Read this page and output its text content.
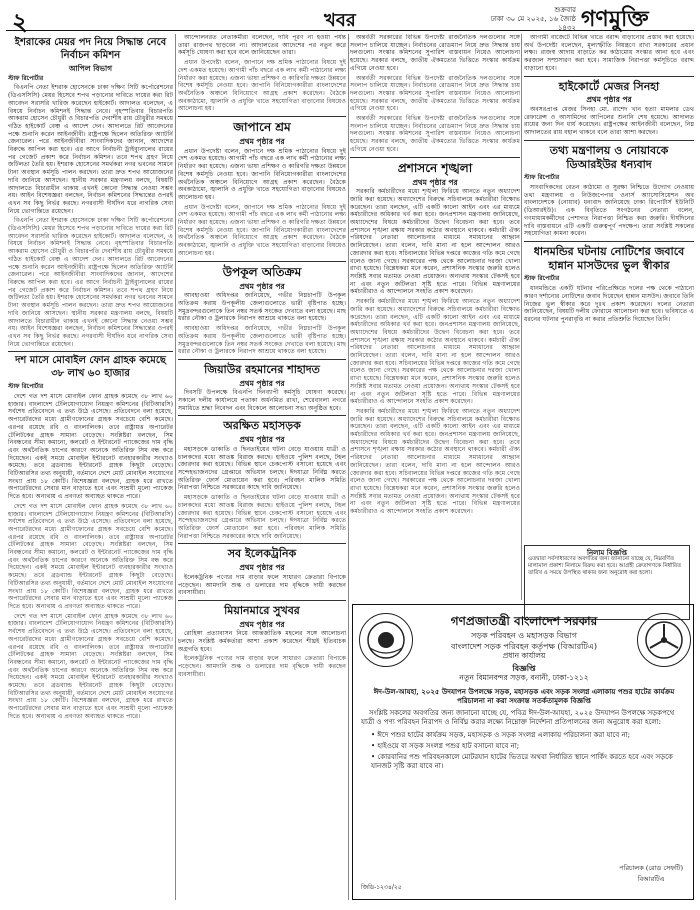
২	খবর	শুক্রবার
ঢাকা ৩০ মে ২০২৫, ১৬ জ্যৈষ্ঠ ১৪৩২ গণমুক্তি
ইশরাকের মেয়র পদ নিয়ে সিদ্ধান্ত নেবে নির্বাচন কমিশন
আপিল বিভাগ
স্টাফ রিপোর্টার
বিএনপি নেতা ইশরাক হোসেনকে ঢাকা দক্ষিণ সিটি কর্পোরেশনের (ডিএসসিসি) মেয়র হিসেবে শপথ পড়ানোর দাবিতে দায়ের করা রিট আবেদন সরাসরি খারিজ করেছেন হাইকোর্ট। আদালত বলেছেন, এ বিষয়ে নির্বাচন কমিশনই সিদ্ধান্ত নেবে। বৃহস্পতিবার বিচারপতি আকরাম হোসেন চৌধুরী ও বিচারপতি দেবাশীষ রায় চৌধুরীর সমন্বয়ে গঠিত হাইকোর্ট বেঞ্চ এ আদেশ দেন। আদালতে রিট আবেদনের পক্ষে শুনানি করেন আইনজীবী। রাষ্ট্রপক্ষে ছিলেন অতিরিক্ত অ্যাটর্নি জেনারেল। পরে আইনজীবীরা সাংবাদিকদের জানান, আদেশের বিরুদ্ধে আপিল করা হবে। এর আগে নির্বাচনী ট্রাইব্যুনালের রায়ের পর গেজেট প্রকাশ করে নির্বাচন কমিশন। তবে শপথ গ্রহণ নিয়ে জটিলতা তৈরি হয়। ইশরাক হোসেনের সমর্থকরা নগর ভবনের সামনে টানা অবস্থান কর্মসূচি পালন করছেন। তারা দ্রুত শপথ আয়োজনের দাবি জানিয়ে আসছেন। স্থানীয় সরকার মন্ত্রণালয় বলছে, বিষয়টি আদালতে বিচারাধীন থাকায় এখনই কোনো সিদ্ধান্ত নেওয়া সম্ভব নয়। আইন বিশেষজ্ঞরা বলছেন, নির্বাচন কমিশনের সিদ্ধান্তের ওপরই এখন সব কিছু নির্ভর করছে। নগরবাসী দীর্ঘদিন ধরে নাগরিক সেবা নিয়ে ভোগান্তিতে রয়েছেন।
বিএনপি নেতা ইশরাক হোসেনকে ঢাকা দক্ষিণ সিটি কর্পোরেশনের (ডিএসসিসি) মেয়র হিসেবে শপথ পড়ানোর দাবিতে দায়ের করা রিট আবেদন সরাসরি খারিজ করেছেন হাইকোর্ট। আদালত বলেছেন, এ বিষয়ে নির্বাচন কমিশনই সিদ্ধান্ত নেবে। বৃহস্পতিবার বিচারপতি আকরাম হোসেন চৌধুরী ও বিচারপতি দেবাশীষ রায় চৌধুরীর সমন্বয়ে গঠিত হাইকোর্ট বেঞ্চ এ আদেশ দেন। আদালতে রিট আবেদনের পক্ষে শুনানি করেন আইনজীবী। রাষ্ট্রপক্ষে ছিলেন অতিরিক্ত অ্যাটর্নি জেনারেল। পরে আইনজীবীরা সাংবাদিকদের জানান, আদেশের বিরুদ্ধে আপিল করা হবে। এর আগে নির্বাচনী ট্রাইব্যুনালের রায়ের পর গেজেট প্রকাশ করে নির্বাচন কমিশন। তবে শপথ গ্রহণ নিয়ে জটিলতা তৈরি হয়। ইশরাক হোসেনের সমর্থকরা নগর ভবনের সামনে টানা অবস্থান কর্মসূচি পালন করছেন। তারা দ্রুত শপথ আয়োজনের দাবি জানিয়ে আসছেন। স্থানীয় সরকার মন্ত্রণালয় বলছে, বিষয়টি আদালতে বিচারাধীন থাকায় এখনই কোনো সিদ্ধান্ত নেওয়া সম্ভব নয়। আইন বিশেষজ্ঞরা বলছেন, নির্বাচন কমিশনের সিদ্ধান্তের ওপরই এখন সব কিছু নির্ভর করছে। নগরবাসী দীর্ঘদিন ধরে নাগরিক সেবা নিয়ে ভোগান্তিতে রয়েছেন।
দশ মাসে মোবাইল ফোন গ্রাহক কমেছে ৩৮ লাখ ৬০ হাজার
স্টাফ রিপোর্টার
দেশে গত দশ মাসে মোবাইল ফোন গ্রাহক কমেছে ৩৮ লাখ ৬০ হাজার। বাংলাদেশ টেলিযোগাযোগ নিয়ন্ত্রণ কমিশনের (বিটিআরসি) সর্বশেষ প্রতিবেদনে এ তথ্য উঠে এসেছে। প্রতিবেদনে বলা হয়েছে, অপারেটরদের মধ্যে গ্রামীণফোনের গ্রাহক সবচেয়ে বেশি কমেছে। এরপর রয়েছে রবি ও বাংলালিংক। তবে রাষ্ট্রায়ত্ত অপারেটর টেলিটকের গ্রাহক সামান্য বেড়েছে। সংশ্লিষ্টরা বলছেন, সিম নিবন্ধনের সীমা কমানো, কলরেট ও ইন্টারনেট প্যাকেজের দাম বৃদ্ধি এবং অর্থনৈতিক চাপের কারণে অনেকে অতিরিক্ত সিম বন্ধ করে দিয়েছেন। একই সময়ে মোবাইল ইন্টারনেট ব্যবহারকারীর সংখ্যাও কমেছে। তবে ব্রডব্যান্ড ইন্টারনেট গ্রাহক কিছুটা বেড়েছে। বিটিআরসির তথ্য অনুযায়ী, বর্তমানে দেশে মোট মোবাইল সংযোগের সংখ্যা প্রায় ১৮ কোটি। বিশেষজ্ঞরা বলছেন, গ্রাহক ধরে রাখতে অপারেটরদের সেবার মান বাড়াতে হবে এবং সাশ্রয়ী মূল্যে প্যাকেজ দিতে হবে। অন্যথায় এ প্রবণতা অব্যাহত থাকতে পারে।
দেশে গত দশ মাসে মোবাইল ফোন গ্রাহক কমেছে ৩৮ লাখ ৬০ হাজার। বাংলাদেশ টেলিযোগাযোগ নিয়ন্ত্রণ কমিশনের (বিটিআরসি) সর্বশেষ প্রতিবেদনে এ তথ্য উঠে এসেছে। প্রতিবেদনে বলা হয়েছে, অপারেটরদের মধ্যে গ্রামীণফোনের গ্রাহক সবচেয়ে বেশি কমেছে। এরপর রয়েছে রবি ও বাংলালিংক। তবে রাষ্ট্রায়ত্ত অপারেটর টেলিটকের গ্রাহক সামান্য বেড়েছে। সংশ্লিষ্টরা বলছেন, সিম নিবন্ধনের সীমা কমানো, কলরেট ও ইন্টারনেট প্যাকেজের দাম বৃদ্ধি এবং অর্থনৈতিক চাপের কারণে অনেকে অতিরিক্ত সিম বন্ধ করে দিয়েছেন। একই সময়ে মোবাইল ইন্টারনেট ব্যবহারকারীর সংখ্যাও কমেছে। তবে ব্রডব্যান্ড ইন্টারনেট গ্রাহক কিছুটা বেড়েছে। বিটিআরসির তথ্য অনুযায়ী, বর্তমানে দেশে মোট মোবাইল সংযোগের সংখ্যা প্রায় ১৮ কোটি। বিশেষজ্ঞরা বলছেন, গ্রাহক ধরে রাখতে অপারেটরদের সেবার মান বাড়াতে হবে এবং সাশ্রয়ী মূল্যে প্যাকেজ দিতে হবে। অন্যথায় এ প্রবণতা অব্যাহত থাকতে পারে।
দেশে গত দশ মাসে মোবাইল ফোন গ্রাহক কমেছে ৩৮ লাখ ৬০ হাজার। বাংলাদেশ টেলিযোগাযোগ নিয়ন্ত্রণ কমিশনের (বিটিআরসি) সর্বশেষ প্রতিবেদনে এ তথ্য উঠে এসেছে। প্রতিবেদনে বলা হয়েছে, অপারেটরদের মধ্যে গ্রামীণফোনের গ্রাহক সবচেয়ে বেশি কমেছে। এরপর রয়েছে রবি ও বাংলালিংক। তবে রাষ্ট্রায়ত্ত অপারেটর টেলিটকের গ্রাহক সামান্য বেড়েছে। সংশ্লিষ্টরা বলছেন, সিম নিবন্ধনের সীমা কমানো, কলরেট ও ইন্টারনেট প্যাকেজের দাম বৃদ্ধি এবং অর্থনৈতিক চাপের কারণে অনেকে অতিরিক্ত সিম বন্ধ করে দিয়েছেন। একই সময়ে মোবাইল ইন্টারনেট ব্যবহারকারীর সংখ্যাও কমেছে। তবে ব্রডব্যান্ড ইন্টারনেট গ্রাহক কিছুটা বেড়েছে। বিটিআরসির তথ্য অনুযায়ী, বর্তমানে দেশে মোট মোবাইল সংযোগের সংখ্যা প্রায় ১৮ কোটি। বিশেষজ্ঞরা বলছেন, গ্রাহক ধরে রাখতে অপারেটরদের সেবার মান বাড়াতে হবে এবং সাশ্রয়ী মূল্যে প্যাকেজ দিতে হবে। অন্যথায় এ প্রবণতা অব্যাহত থাকতে পারে।
আন্দোলনরত নেতাকর্মীরা বলেছেন, দাবি পূরণ না হওয়া পর্যন্ত তারা রাজপথ ছাড়বেন না। আদালতের আদেশের পর নতুন করে কর্মসূচি ঘোষণা করা হবে বলে জানিয়েছেন তারা।
প্রধান উপদেষ্টা বলেন, জাপানে দক্ষ শ্রমিক পাঠানোর বিষয়ে দুই দেশ একমত হয়েছে। আগামী পাঁচ বছরে এক লাখ কর্মী পাঠানোর লক্ষ্য নির্ধারণ করা হয়েছে। এজন্য ভাষা প্রশিক্ষণ ও কারিগরি দক্ষতা উন্নয়নে বিশেষ কর্মসূচি নেওয়া হবে। জাপানি বিনিয়োগকারীরা বাংলাদেশের অর্থনৈতিক অঞ্চলে বিনিয়োগে আগ্রহ প্রকাশ করেছেন। বৈঠকে অবকাঠামো, জ্বালানি ও প্রযুক্তি খাতে সহযোগিতা বাড়ানোর বিষয়েও আলোচনা হয়।
জাপানে শ্রম
প্রথম পৃষ্ঠার পর
প্রধান উপদেষ্টা বলেন, জাপানে দক্ষ শ্রমিক পাঠানোর বিষয়ে দুই দেশ একমত হয়েছে। আগামী পাঁচ বছরে এক লাখ কর্মী পাঠানোর লক্ষ্য নির্ধারণ করা হয়েছে। এজন্য ভাষা প্রশিক্ষণ ও কারিগরি দক্ষতা উন্নয়নে বিশেষ কর্মসূচি নেওয়া হবে। জাপানি বিনিয়োগকারীরা বাংলাদেশের অর্থনৈতিক অঞ্চলে বিনিয়োগে আগ্রহ প্রকাশ করেছেন। বৈঠকে অবকাঠামো, জ্বালানি ও প্রযুক্তি খাতে সহযোগিতা বাড়ানোর বিষয়েও আলোচনা হয়।
প্রধান উপদেষ্টা বলেন, জাপানে দক্ষ শ্রমিক পাঠানোর বিষয়ে দুই দেশ একমত হয়েছে। আগামী পাঁচ বছরে এক লাখ কর্মী পাঠানোর লক্ষ্য নির্ধারণ করা হয়েছে। এজন্য ভাষা প্রশিক্ষণ ও কারিগরি দক্ষতা উন্নয়নে বিশেষ কর্মসূচি নেওয়া হবে। জাপানি বিনিয়োগকারীরা বাংলাদেশের অর্থনৈতিক অঞ্চলে বিনিয়োগে আগ্রহ প্রকাশ করেছেন। বৈঠকে অবকাঠামো, জ্বালানি ও প্রযুক্তি খাতে সহযোগিতা বাড়ানোর বিষয়েও আলোচনা হয়।
উপকূল অতিক্রম
প্রথম পৃষ্ঠার পর
আবহাওয়া অধিদপ্তর জানিয়েছে, গভীর নিম্নচাপটি উপকূল অতিক্রম করায় উপকূলীয় জেলাগুলোতে ভারী বৃষ্টিপাত হচ্ছে। সমুদ্রবন্দরগুলোকে তিন নম্বর সতর্ক সংকেত দেখাতে বলা হয়েছে। মাছ ধরার নৌকা ও ট্রলারকে নিরাপদ আশ্রয়ে থাকতে বলা হয়েছে।
আবহাওয়া অধিদপ্তর জানিয়েছে, গভীর নিম্নচাপটি উপকূল অতিক্রম করায় উপকূলীয় জেলাগুলোতে ভারী বৃষ্টিপাত হচ্ছে। সমুদ্রবন্দরগুলোকে তিন নম্বর সতর্ক সংকেত দেখাতে বলা হয়েছে। মাছ ধরার নৌকা ও ট্রলারকে নিরাপদ আশ্রয়ে থাকতে বলা হয়েছে।
জিয়াউর রহমানের শাহাদত
প্রথম পৃষ্ঠার পর
দিবসটি উপলক্ষে বিএনপি দিনব্যাপী কর্মসূচি ঘোষণা করেছে। সকালে দলীয় কার্যালয়ে পতাকা অর্ধনমিত রাখা, শেরেবাংলা নগরে সমাধিতে শ্রদ্ধা নিবেদন এবং বিকেলে আলোচনা সভা অনুষ্ঠিত হবে।
অরক্ষিত মহাসড়ক
প্রথম পৃষ্ঠার পর
মহাসড়কে ডাকাতি ও ছিনতাইয়ের ঘটনা বেড়ে যাওয়ায় যাত্রী ও চালকদের মধ্যে আতঙ্ক বিরাজ করছে। হাইওয়ে পুলিশ বলছে, টহল জোরদার করা হয়েছে। বিভিন্ন স্থানে চেকপোস্ট বসানো হয়েছে এবং সন্দেহভাজনদের গ্রেপ্তারে অভিযান চলছে। ঈদযাত্রা নির্বিঘ্ন করতে অতিরিক্ত ফোর্স মোতায়েন করা হবে। পরিবহন মালিক সমিতি নিরাপত্তা নিশ্চিতে সরকারের কাছে দাবি জানিয়েছে।
মহাসড়কে ডাকাতি ও ছিনতাইয়ের ঘটনা বেড়ে যাওয়ায় যাত্রী ও চালকদের মধ্যে আতঙ্ক বিরাজ করছে। হাইওয়ে পুলিশ বলছে, টহল জোরদার করা হয়েছে। বিভিন্ন স্থানে চেকপোস্ট বসানো হয়েছে এবং সন্দেহভাজনদের গ্রেপ্তারে অভিযান চলছে। ঈদযাত্রা নির্বিঘ্ন করতে অতিরিক্ত ফোর্স মোতায়েন করা হবে। পরিবহন মালিক সমিতি নিরাপত্তা নিশ্চিতে সরকারের কাছে দাবি জানিয়েছে।
সব ইলেকট্রনিক
প্রথম পৃষ্ঠার পর
ইলেকট্রনিক পণ্যের দাম বাড়ার ফলে সাধারণ ক্রেতারা বিপাকে পড়েছেন। আমদানি শুল্ক ও ডলারের দাম বৃদ্ধিকে দায়ী করছেন ব্যবসায়ীরা।
মিয়ানমারে সুখবর
প্রথম পৃষ্ঠার পর
রোহিঙ্গা প্রত্যাবাসন নিয়ে আন্তর্জাতিক মহলের সঙ্গে আলোচনা চলছে। সংশ্লিষ্ট কর্মকর্তারা আশা প্রকাশ করেছেন শীঘ্রই ইতিবাচক অগ্রগতি হবে।
ইলেকট্রনিক পণ্যের দাম বাড়ার ফলে সাধারণ ক্রেতারা বিপাকে পড়েছেন। আমদানি শুল্ক ও ডলারের দাম বৃদ্ধিকে দায়ী করছেন ব্যবসায়ীরা।
অন্তর্বর্তী সরকারের বিভিন্ন উপদেষ্টা রাজনৈতিক দলগুলোর সঙ্গে সংলাপ চালিয়ে যাচ্ছেন। নির্বাচনের রোডম্যাপ নিয়ে দ্রুত সিদ্ধান্ত চায় দলগুলো। সংস্কার কমিশনের সুপারিশ বাস্তবায়ন নিয়েও আলোচনা হয়েছে। সরকার বলছে, জাতীয় ঐকমত্যের ভিত্তিতে সংস্কার কার্যক্রম এগিয়ে নেওয়া হবে।
অন্তর্বর্তী সরকারের বিভিন্ন উপদেষ্টা রাজনৈতিক দলগুলোর সঙ্গে সংলাপ চালিয়ে যাচ্ছেন। নির্বাচনের রোডম্যাপ নিয়ে দ্রুত সিদ্ধান্ত চায় দলগুলো। সংস্কার কমিশনের সুপারিশ বাস্তবায়ন নিয়েও আলোচনা হয়েছে। সরকার বলছে, জাতীয় ঐকমত্যের ভিত্তিতে সংস্কার কার্যক্রম এগিয়ে নেওয়া হবে।
অন্তর্বর্তী সরকারের বিভিন্ন উপদেষ্টা রাজনৈতিক দলগুলোর সঙ্গে সংলাপ চালিয়ে যাচ্ছেন। নির্বাচনের রোডম্যাপ নিয়ে দ্রুত সিদ্ধান্ত চায় দলগুলো। সংস্কার কমিশনের সুপারিশ বাস্তবায়ন নিয়েও আলোচনা হয়েছে। সরকার বলছে, জাতীয় ঐকমত্যের ভিত্তিতে সংস্কার কার্যক্রম এগিয়ে নেওয়া হবে।
প্রশাসনে শৃঙ্খলা
প্রথম পৃষ্ঠার পর
সরকারি কর্মচারীদের মধ্যে শৃঙ্খলা ফিরিয়ে আনতে নতুন অধ্যাদেশ জারি করা হয়েছে। অধ্যাদেশের বিরুদ্ধে সচিবালয়ে কর্মচারীরা বিক্ষোভ করেছেন। তারা বলছেন, এটি একটি কালো আইন এবং এর মাধ্যমে কর্মচারীদের অধিকার খর্ব করা হবে। জনপ্রশাসন মন্ত্রণালয় জানিয়েছে, অধ্যাদেশের বিষয়ে কর্মচারীদের উদ্বেগ বিবেচনা করা হবে। তবে প্রশাসনে শৃঙ্খলা রক্ষায় সরকার কঠোর অবস্থানে থাকবে। কর্মচারী ঐক্য পরিষদের নেতারা আলোচনার মাধ্যমে সমাধানের আহ্বান জানিয়েছেন। তারা বলেন, দাবি মানা না হলে আন্দোলন আরও জোরদার করা হবে। সচিবালয়ের বিভিন্ন দপ্তরে কাজের গতি কমে গেছে বলেও জানা গেছে। সরকারের পক্ষ থেকে আলোচনার দরজা খোলা রাখা হয়েছে। বিশ্লেষকরা মনে করেন, প্রশাসনিক সংস্কার জরুরি হলেও সংশ্লিষ্ট সবার মতামত নেওয়া প্রয়োজন। অন্যথায় সংস্কার টেকসই হবে না এবং নতুন জটিলতা সৃষ্টি হতে পারে। বিভিন্ন মন্ত্রণালয়ের কর্মচারীরাও এ আন্দোলনে সংহতি প্রকাশ করেছেন।
সরকারি কর্মচারীদের মধ্যে শৃঙ্খলা ফিরিয়ে আনতে নতুন অধ্যাদেশ জারি করা হয়েছে। অধ্যাদেশের বিরুদ্ধে সচিবালয়ে কর্মচারীরা বিক্ষোভ করেছেন। তারা বলছেন, এটি একটি কালো আইন এবং এর মাধ্যমে কর্মচারীদের অধিকার খর্ব করা হবে। জনপ্রশাসন মন্ত্রণালয় জানিয়েছে, অধ্যাদেশের বিষয়ে কর্মচারীদের উদ্বেগ বিবেচনা করা হবে। তবে প্রশাসনে শৃঙ্খলা রক্ষায় সরকার কঠোর অবস্থানে থাকবে। কর্মচারী ঐক্য পরিষদের নেতারা আলোচনার মাধ্যমে সমাধানের আহ্বান জানিয়েছেন। তারা বলেন, দাবি মানা না হলে আন্দোলন আরও জোরদার করা হবে। সচিবালয়ের বিভিন্ন দপ্তরে কাজের গতি কমে গেছে বলেও জানা গেছে। সরকারের পক্ষ থেকে আলোচনার দরজা খোলা রাখা হয়েছে। বিশ্লেষকরা মনে করেন, প্রশাসনিক সংস্কার জরুরি হলেও সংশ্লিষ্ট সবার মতামত নেওয়া প্রয়োজন। অন্যথায় সংস্কার টেকসই হবে না এবং নতুন জটিলতা সৃষ্টি হতে পারে। বিভিন্ন মন্ত্রণালয়ের কর্মচারীরাও এ আন্দোলনে সংহতি প্রকাশ করেছেন।
সরকারি কর্মচারীদের মধ্যে শৃঙ্খলা ফিরিয়ে আনতে নতুন অধ্যাদেশ জারি করা হয়েছে। অধ্যাদেশের বিরুদ্ধে সচিবালয়ে কর্মচারীরা বিক্ষোভ করেছেন। তারা বলছেন, এটি একটি কালো আইন এবং এর মাধ্যমে কর্মচারীদের অধিকার খর্ব করা হবে। জনপ্রশাসন মন্ত্রণালয় জানিয়েছে, অধ্যাদেশের বিষয়ে কর্মচারীদের উদ্বেগ বিবেচনা করা হবে। তবে প্রশাসনে শৃঙ্খলা রক্ষায় সরকার কঠোর অবস্থানে থাকবে। কর্মচারী ঐক্য পরিষদের নেতারা আলোচনার মাধ্যমে সমাধানের আহ্বান জানিয়েছেন। তারা বলেন, দাবি মানা না হলে আন্দোলন আরও জোরদার করা হবে। সচিবালয়ের বিভিন্ন দপ্তরে কাজের গতি কমে গেছে বলেও জানা গেছে। সরকারের পক্ষ থেকে আলোচনার দরজা খোলা রাখা হয়েছে। বিশ্লেষকরা মনে করেন, প্রশাসনিক সংস্কার জরুরি হলেও সংশ্লিষ্ট সবার মতামত নেওয়া প্রয়োজন। অন্যথায় সংস্কার টেকসই হবে না এবং নতুন জটিলতা সৃষ্টি হতে পারে। বিভিন্ন মন্ত্রণালয়ের কর্মচারীরাও এ আন্দোলনে সংহতি প্রকাশ করেছেন।
আগামী বাজেটে বিভিন্ন খাতে বরাদ্দ বাড়ানোর প্রস্তাব করা হয়েছে। অর্থ উপদেষ্টা বলেছেন, মূল্যস্ফীতি নিয়ন্ত্রণে রাখা সরকারের প্রধান লক্ষ্য। রাজস্ব আদায় বাড়াতে কর কাঠামোয় সংস্কার আনা হবে এবং করজাল সম্প্রসারণ করা হবে। সামাজিক নিরাপত্তা কর্মসূচিতে বরাদ্দ বাড়ানো হবে।
হাইকোর্টে মেজর সিনহা
প্রথম পৃষ্ঠার পর
অবসরপ্রাপ্ত মেজর সিনহা মো. রাশেদ খান হত্যা মামলার ডেথ রেফারেন্স ও আসামিদের আপিলের শুনানি শেষ হয়েছে। আদালত রায়ের জন্য দিন ধার্য করেছেন। রাষ্ট্রপক্ষের আইনজীবী বলেছেন, নিম্ন আদালতের রায় বহাল থাকবে বলে তারা আশা করছেন।
তথ্য মন্ত্রণালয় ও নোয়াবকে ডিআরইউর ধন্যবাদ
স্টাফ রিপোর্টার
সাংবাদিকদের বেতন কাঠামো ও সুরক্ষা নিশ্চিতে উদ্যোগ নেওয়ায় তথ্য মন্ত্রণালয় ও নিউজপেপার ওনার্স অ্যাসোসিয়েশন অব বাংলাদেশকে (নোয়াব) ধন্যবাদ জানিয়েছে ঢাকা রিপোর্টার্স ইউনিটি (ডিআরইউ)। এক বিবৃতিতে সংগঠনের নেতারা বলেন, গণমাধ্যমকর্মীদের পেশাগত নিরাপত্তা নিশ্চিত করা জরুরি। দীর্ঘদিনের দাবি বাস্তবায়নে এটি একটি গুরুত্বপূর্ণ পদক্ষেপ। তারা সংশ্লিষ্ট সকলের সহযোগিতা কামনা করেন।
ধানমন্ডির ঘটনায় নোটিশের জবাবে হান্নান মাসউদের ভুল স্বীকার
স্টাফ রিপোর্টার
ধানমন্ডিতে একটি ঘটনার পরিপ্রেক্ষিতে দলের পক্ষ থেকে পাঠানো কারণ দর্শানোর নোটিশের জবাব দিয়েছেন হান্নান মাসউদ। জবাবে তিনি নিজের ভুল স্বীকার করে দুঃখ প্রকাশ করেছেন। দলের নেতারা জানিয়েছেন, বিষয়টি দলীয় ফোরামে আলোচনা করা হবে। ভবিষ্যতে এ ধরনের ঘটনার পুনরাবৃত্তি না করার প্রতিশ্রুতি দিয়েছেন তিনি।
নিলাম বিজ্ঞপ্তি
এতদ্বারা সর্বসাধারণের অবগতির জন্য জানানো যাচ্ছে যে, নিম্নবর্ণিত মালামাল প্রকাশ্য নিলামে বিক্রয় করা হবে। আগ্রহী ক্রেতাগণকে নির্ধারিত তারিখ ও সময়ে উপস্থিত থাকার জন্য অনুরোধ করা হলো।
গণপ্রজাতন্ত্রী বাংলাদেশ সরকার
সড়ক পরিবহন ও মহাসড়ক বিভাগ
বাংলাদেশ সড়ক পরিবহন কর্তৃপক্ষ (বিআরটিএ)
প্রধান কার্যালয়
বিজ্ঞপ্তি
নতুন বিমানবন্দর সড়ক, বনানী, ঢাকা-১২১২
ঈদ-উল-আযহা, ২০২৫ উদযাপন উপলক্ষে সড়ক, মহাসড়ক এবং সড়ক সংলগ্ন এলাকায় পশুর হাটের কার্যক্রম পরিচালনা না করা সংক্রান্ত সতর্কতামূলক বিজ্ঞপ্তি
সংশ্লিষ্ট সকলের অবগতির জন্য জানানো যাচ্ছে যে, পবিত্র ঈদ-উল-আযহা, ২০২৫ উদযাপন উপলক্ষে সড়কপথে যাত্রী ও পণ্য পরিবহন নিরাপদ ও নির্বিঘ্ন করার লক্ষ্যে নিম্নোক্ত নির্দেশনা প্রতিপালনের জন্য অনুরোধ করা হলো:
• ঈদে পশুর হাটের কার্যক্রম সড়ক, মহাসড়ক ও সড়ক সংলগ্ন এলাকায় পরিচালনা করা যাবে না;
• হাইওয়ে বা সড়ক সংলগ্ন পশুর হাট বসানো যাবে না;
• কোরবানির পশু পরিবহনকালে মোটরযান হাটের ভিতরে অথবা নির্ধারিত স্থানে পার্কিং করতে হবে এবং সড়কে যানজট সৃষ্টি করা যাবে না।
পরিচালক (রোড সেফটি)
বিআরটিএ
জিডি-১২৩৪/২৫
